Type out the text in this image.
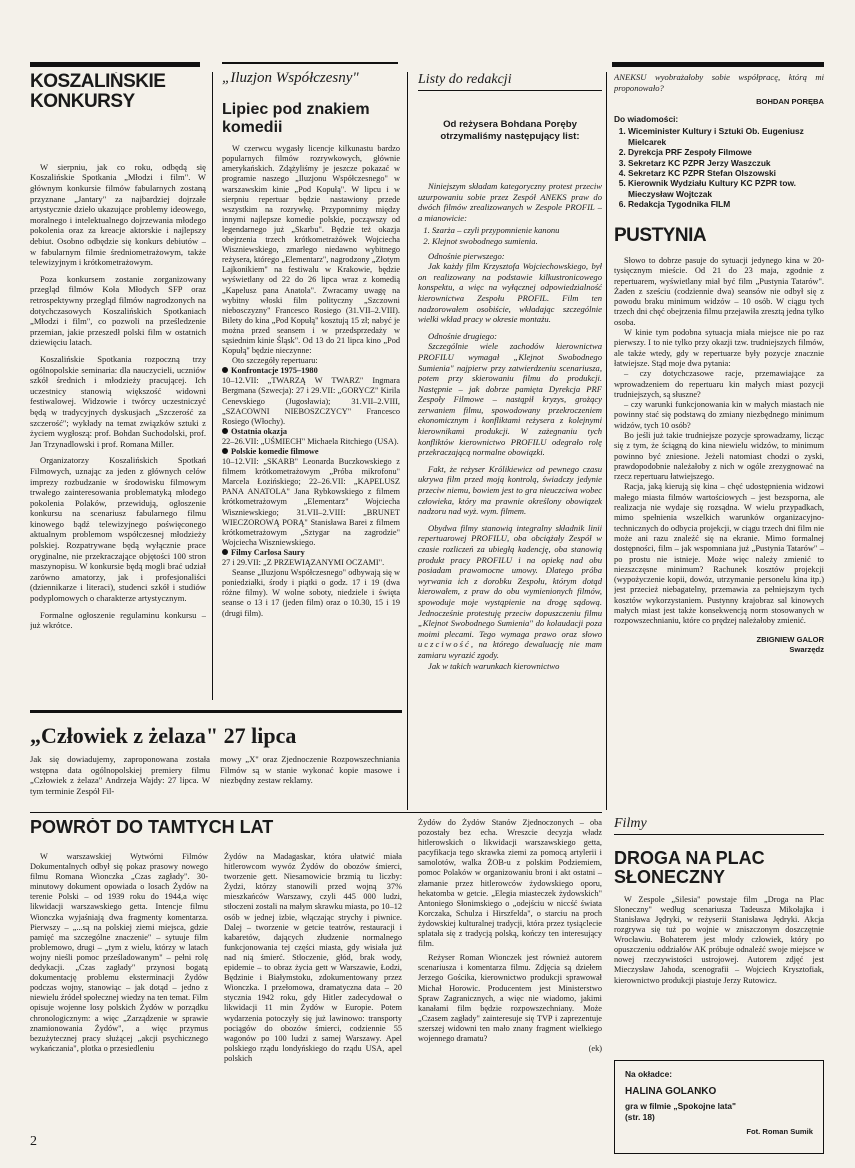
KOSZALIŃSKIE
KONKURSY

W sierpniu, jak co roku, odbędą się Koszalińskie Spotkania „Młodzi i film". W głównym konkursie filmów fabularnych zostaną przyznane „Jantary" za najbardziej dojrzałe artystycznie dzieło ukazujące problemy ideowego, moralnego i intelektualnego dojrzewania młodego pokolenia oraz za kreacje aktorskie i najlepszy debiut. Osobno odbędzie się konkurs debiutów – w fabularnym filmie średniometrażowym, także telewizyjnym i krótkometrażowym.

Poza konkursem zostanie zorganizowany przegląd filmów Koła Młodych SFP oraz retrospektywny przegląd filmów nagrodzonych na dotychczasowych Koszalińskich Spotkaniach „Młodzi i film", co pozwoli na prześledzenie przemian, jakie przeszedł polski film w ostatnich dziewięciu latach.

Koszalińskie Spotkania rozpoczną trzy ogólnopolskie seminaria: dla nauczycieli, uczniów szkół średnich i młodzieży pracującej. Ich uczestnicy stanowią większość widowni festiwalowej. Widzowie i twórcy uczestniczyć będą w tradycyjnych dyskusjach „Szczerość za szczerość"; wykłady na temat związków sztuki z życiem wygłoszą: prof. Bohdan Suchodolski, prof. Jan Trzynadlowski i prof. Romana Miller.

Organizatorzy Koszalińskich Spotkań Filmowych, uznając za jeden z głównych celów imprezy rozbudzanie w środowisku filmowym trwałego zainteresowania problematyką młodego pokolenia Polaków, przewidują, ogłoszenie konkursu na scenariusz fabularnego filmu kinowego bądź telewizyjnego poświęconego aktualnym problemom współczesnej młodzieży polskiej. Rozpatrywane będą wyłącznie prace oryginalne, nie przekraczające objętości 100 stron maszynopisu. W konkursie będą mogli brać udział zarówno amatorzy, jak i profesjonaliści (dziennikarze i literaci), studenci szkół i studiów podyplomowych o charakterze artystycznym.

Formalne ogłoszenie regulaminu konkursu – już wkrótce.

„Iluzjon Współczesny"
Lipiec pod znakiem
komedii

W czerwcu wygasły licencje kilkunastu bardzo popularnych filmów rozrywkowych, głównie amerykańskich. Zdążyliśmy je jeszcze pokazać w programie naszego „Iluzjonu Współczesnego" w warszawskim kinie „Pod Kopułą". W lipcu i w sierpniu repertuar będzie nastawiony przede wszystkim na rozrywkę. Przypomnimy między innymi najlepsze komedie polskie, począwszy od legendarnego już „Skarbu". Będzie też okazja obejrzenia trzech krótkometrażówek Wojciecha Wiszniewskiego, zmarłego niedawno wybitnego reżysera, którego „Elementarz", nagrodzony „Złotym Lajkonikiem" na festiwalu w Krakowie, będzie wyświetlany od 22 do 26 lipca wraz z komedią „Kapelusz pana Anatola". Zwracamy uwagę na wybitny włoski film polityczny „Szczowni niebosczyzny" Francesco Rosiego (31.VII–2.VIII). Bilety do kina „Pod Kopułą" kosztują 15 zł; nabyć je można przed seansem i w przedsprzedaży w sąsiednim kinie Śląsk". Od 13 do 21 lipca kino „Pod Kopułą" będzie nieczynne:

Oto szczegóły repertuaru:

Konfrontacje 1975–1980
10–12.VII: „TWARZĄ W TWARZ" Ingmara Bergmana (Szwecja): 27 i 29.VII: „GORYCZ" Kirila Cenevskiego (Jugosławia); 31.VII–2.VIII, „SZACOWNI NIEBOSZCZYCY" Francesco Rosiego (Włochy).
Ostatnia okazja
22–26.VII: „UŚMIECH" Michaela Ritchiego (USA).
Polskie komedie filmowe
10–12.VII: „SKARB" Leonarda Buczkowskiego z filmem krótkometrażowym „Próba mikrofonu" Marcela Łozińskiego; 22–26.VII: „KAPELUSZ PANA ANATOLA" Jana Rybkowskiego z filmem krótkometrażowym „Elementarz" Wojciecha Wiszniewskiego; 31.VII–2.VIII: „BRUNET WIECZOROWĄ PORĄ" Stanisława Barei z filmem krótkometrażowym „Sztygar na zagrodzie" Wojciecha Wiszniewskiego.
Filmy Carlosa Saury
27 i 29.VII: „Z PRZEWIĄZANYMI OCZAMI".

Seanse „Iluzjonu Współczesnego" odbywają się w poniedziałki, środy i piątki o godz. 17 i 19 (dwa różne filmy). W wolne soboty, niedziele i święta seanse o 13 i 17 (jeden film) oraz o 10.30, 15 i 19 (drugi film).

Listy do redakcji
Od reżysera Bohdana Poręby otrzymaliśmy następujący list:

Niniejszym składam kategoryczny protest przeciw uzurpowaniu sobie przez Zespół ANEKS praw do dwóch filmów zrealizowanych w Zespole PROFIL – a mianowicie:

1. Szarża – czyli przypomnienie kanonu
2. Klejnot swobodnego sumienia.

Odnośnie pierwszego:

Jak każdy film Krzysztofa Wojciechowskiego, był on realizowany na podstawie kilkustronicowego konspektu, a więc na wyłącznej odpowiedzialność kierownictwa Zespołu PROFIL. Film ten nadzorowałem osobiście, wkładając szczególnie wielki wkład pracy w okresie montażu.

Odnośnie drugiego:

Szczególnie wiele zachodów kierownictwa PROFILU wymagał „Klejnot Swobodnego Sumienia" najpierw przy zatwierdzeniu scenariusza, potem przy skierowaniu filmu do produkcji. Następnie – jak dobrze pamięta Dyrekcja PRF Zespoły Filmowe – nastąpił kryzys, grożący zerwaniem filmu, spowodowany przekroczeniem ekonomicznym i konfliktami reżysera z kolejnymi kierownikami produkcji. W zażegnaniu tych konfliktów kierownictwo PROFILU odegrało rolę przekraczającą normalne obowiązki.

Fakt, że reżyser Królikiewicz od pewnego czasu ukrywa film przed moją kontrolą, świadczy jedynie przeciw niemu, bowiem jest to gra nieuczciwa wobec człowieka, który ma prawnie określony obowiązek nadzoru nad wyż. wym. filmem.

Obydwa filmy stanowią integralny składnik linii repertuarowej PROFILU, oba obciążały Zespół w czasie rozliczeń za ubiegłą kadencję, oba stanowią produkt pracy PROFILU i na opiekę nad obu posiadam prawomocne umowy. Dlatego próba wyrwania ich z dorobku Zespołu, którym dotąd kierowałem, z praw do obu wymienionych filmów, spowoduje moje wystąpienie na drogę sądową. Jednocześnie protestuję przeciw dopuszczeniu filmu „Klejnot Swobodnego Sumienia" do kolaudacji poza moimi plecami. Tego wymaga prawo oraz słowo uczciwość, na którego dewaluację nie mam zamiaru wyrazić zgody.

Jak w takich warunkach kierownictwo

ANEKSU wyobrażałoby sobie współpracę, którą mi proponowało?

BOHDAN PORĘBA
Do wiadomości:
1. Wiceminister Kultury i Sztuki Ob. Eugeniusz Mielcarek
2. Dyrekcja PRF Zespoły Filmowe
3. Sekretarz KC PZPR Jerzy Waszczuk
4. Sekretarz KC PZPR Stefan Olszowski
5. Kierownik Wydziału Kultury KC PZPR tow. Mieczysław Wojtczak
6. Redakcja Tygodnika FILM
PUSTYNIA

Słowo to dobrze pasuje do sytuacji jedynego kina w 20-tysięcznym mieście. Od 21 do 23 maja, zgodnie z repertuarem, wyświetlany miał być film „Pustynia Tatarów". Żaden z sześciu (codziennie dwa) seansów nie odbył się z powodu braku minimum widzów – 10 osób. W ciągu tych trzech dni chęć obejrzenia filmu przejawiła zresztą jedna tylko osoba.

W kinie tym podobna sytuacja miała miejsce nie po raz pierwszy. I to nie tylko przy okazji tzw. trudniejszych filmów, ale także wtedy, gdy w repertuarze były pozycje znacznie łatwiejsze. Stąd moje dwa pytania:

– czy dotychczasowe racje, przemawiające za wprowadzeniem do repertuaru kin małych miast pozycji trudniejszych, są słuszne?

– czy warunki funkcjonowania kin w małych miastach nie powinny stać się podstawą do zmiany niezbędnego minimum widzów, tych 10 osób?

Bo jeśli już takie trudniejsze pozycje sprowadzamy, licząc się z tym, że ściągną do kina niewielu widzów, to minimum powinno być zniesione. Jeżeli natomiast chodzi o zyski, prawdopodobnie należałoby z nich w ogóle zrezygnować na rzecz repertuaru łatwiejszego.

Racja, jaką kierują się kina – chęć udostępnienia widzowi małego miasta filmów wartościowych – jest bezsporna, ale realizacja nie wydaje się rozsądna. W wielu przypadkach, mimo spełnienia wszelkich warunków organizacyjno-technicznych do odbycia projekcji, w ciągu trzech dni film nie może ani razu znaleźć się na ekranie. Mimo formalnej dostępności, film – jak wspomniana już „Pustynia Tatarów" – po prostu nie istnieje. Może więc należy zmienić to niezszczęsne minimum? Rachunek kosztów projekcji (wypożyczenie kopii, dowóz, utrzymanie personelu kina itp.) jest przecież niebagatelny, przemawia za pełniejszym tych kosztów wykorzystaniem. Pustynny krajobraz sal kinowych małych miast jest także konsekwencją norm stosowanych w rozpowszechnianiu, które co prędzej należałoby zmienić.

ZBIGNIEW GALOR
Swarzędz
„Człowiek z żelaza" 27 lipca
Jak się dowiadujemy, zaproponowana została wstępna data ogólnopolskiej premiery filmu „Człowiek z żelaza" Andrzeja Wajdy: 27 lipca. W tym terminie Zespół Fil-
mowy „X" oraz Zjednoczenie Rozpowszechniania Filmów są w stanie wykonać kopie masowe i niezbędny zestaw reklamy.
POWRÓT DO TAMTYCH LAT

W warszawskiej Wytwórni Filmów Dokumentalnych odbył się pokaz prasowy nowego filmu Romana Wionczka „Czas zagłady". 30-minutowy dokument opowiada o losach Żydów na terenie Polski – od 1939 roku do 1944,a więc likwidacji warszawskiego getta. Intencje filmu Wionczka wyjaśniają dwa fragmenty komentarza. Pierwszy – „...są na polskiej ziemi miejsca, gdzie pamięć ma szczególne znaczenie" – sytuuje film problemowo, drugi – „tym z wielu, którzy w latach wojny nieśli pomoc prześladowanym" – pełni rolę dedykacji. „Czas zagłady" przynosi bogatą dokumentację problemu eksterminacji Żydów podczas wojny, stanowiąc – jak dotąd – jedno z niewielu źródeł społecznej wiedzy na ten temat. Film opisuje wojenne losy polskich Żydów w porządku chronologicznym: a więc „Zarządzenie w sprawie znamionowania Żydów", a więc przymus bezużytecznej pracy służącej „akcji psychicznego wykańczania", plotka o przesiedleniu

Żydów na Madagaskar, która ułatwić miała hitlerowcom wywóz Żydów do obozów śmierci, tworzenie gett. Niesamowicie brzmią tu liczby: Żydzi, którzy stanowili przed wojną 37% mieszkańców Warszawy, czyli 445 000 ludzi, stłoczeni zostali na małym skrawku miasta, po 10–12 osób w jednej izbie, włączając strychy i piwnice. Dalej – tworzenie w getcie teatrów, restauracji i kabaretów, dających złudzenie normalnego funkcjonowania tej części miasta, gdy wisiała już nad nią śmierć. Stłoczenie, głód, brak wody, epidemie – to obraz życia gett w Warszawie, Łodzi, Będzinie i Białymstoku, zdokumentowany przez Wionczka. I przełomowa, dramatyczna data – 20 stycznia 1942 roku, gdy Hitler zadecydował o likwidacji 11 min Żydów w Europie. Potem wydarzenia potoczyły się już lawinowo: transporty pociągów do obozów śmierci, codziennie 55 wagonów po 100 ludzi z samej Warszawy. Apel polskiego rządu londyńskiego do rządu USA, apel polskich

Żydów do Żydów Stanów Zjednoczonych – oba pozostały bez echa. Wreszcie decyzja władz hitlerowskich o likwidacji warszawskiego getta, pacyfikacja tego skrawka ziemi za pomocą artylerii i samolotów, walka ŻOB-u z polskim Podziemiem, pomoc Polaków w organizowaniu broni i akt ostatni – złamanie przez hitlerowców żydowskiego oporu, hekatomba w getcie. „Elegia miasteczek żydowskich" Antoniego Słonimskiego o „odejściu w niccść świata Korczaka, Schulza i Hirszfelda", o starciu na proch żydowskiej kulturalnej tradycji, która przez tysiąclecie splatała się z tradycją polską, kończy ten interesujący film.

Reżyser Roman Wionczek jest również autorem scenariusza i komentarza filmu. Zdjęcia są dziełem Jerzego Gościka, kierownictwo produkcji sprawował Michał Horowic. Producentem jest Ministerstwo Spraw Zagranicznych, a więc nie wiadomo, jakimi kanałami film będzie rozpowszechniany. Może „Czasem zagłady" zainteresuje się TVP i zaprezentuje szerszej widowni ten mało znany fragment wielkiego wojennego dramatu?

(ek)
Filmy
DROGA NA PLAC
SŁONECZNY

W Zespole „Silesia" powstaje film „Droga na Plac Słoneczny" według scenariusza Tadeusza Mikołajka i Stanisława Jędryki, w reżyserii Stanisława Jędryki. Akcja rozgrywa się tuż po wojnie w zniszczonym doszczętnie Wrocławiu. Bohaterem jest młody człowiek, który po opuszczeniu oddziałów AK próbuje odnaleźć swoje miejsce w nowej rzeczywistości ustrojowej. Autorem zdjęć jest Mieczysław Jahoda, scenografii – Wojciech Krysztofiak, kierownictwo produkcji piastuje Jerzy Rutowicz.

Na okładce:
HALINA GOLANKO
gra w filmie „Spokojne lata"
(str. 18)
Fot. Roman Sumik
2
